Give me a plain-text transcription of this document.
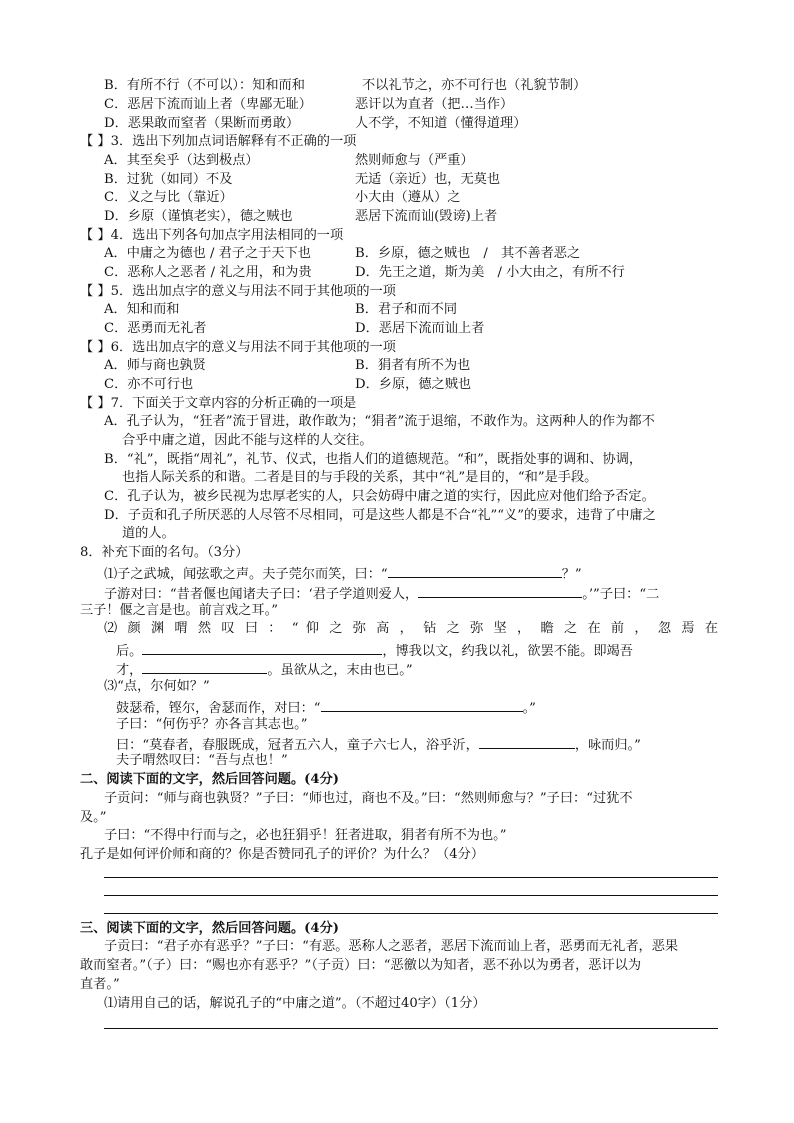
B．有所不行（不可以）：知和而和	不以礼节之，亦不可行也（礼貌节制）
C．恶居下流而讪上者（卑鄙无耻）	恶讦以为直者（把…当作）
D．恶果敢而窒者（果断而勇敢）	人不学，不知道（懂得道理）
【 】3．选出下列加点词语解释有不正确的一项
A．其至矣乎（达到极点）	然则师愈与（严重）
B．过犹（如同）不及	无适（亲近）也，无莫也
C．义之与比（靠近）	小大由（遵从）之
D．乡原（谨慎老实），德之贼也	恶居下流而讪(毁谤)上者
【 】4．选出下列各句加点字用法相同的一项
A．中庸之为德也 / 君子之于天下也	B．乡原，德之贼也　/　其不善者恶之
C．恶称人之恶者 / 礼之用，和为贵	D．先王之道，斯为美　/ 小大由之，有所不行
【 】5．选出加点字的意义与用法不同于其他项的一项
A．知和而和	B．君子和而不同
C．恶勇而无礼者	D．恶居下流而讪上者
【 】6．选出加点字的意义与用法不同于其他项的一项
A．师与商也孰贤	B．狷者有所不为也
C．亦不可行也	D．乡原，德之贼也
【 】7．下面关于文章内容的分析正确的一项是
A．孔子认为，“狂者”流于冒进，敢作敢为；“狷者”流于退缩，不敢作为。这两种人的作为都不
合乎中庸之道，因此不能与这样的人交往。
B．“礼”，既指“周礼”，礼节、仪式，也指人们的道德规范。“和”，既指处事的调和、协调，
也指人际关系的和谐。二者是目的与手段的关系，其中“礼”是目的，“和”是手段。
C．孔子认为，被乡民视为忠厚老实的人，只会妨碍中庸之道的实行，因此应对他们给予否定。
D．子贡和孔子所厌恶的人尽管不尽相同，可是这些人都是不合“礼”“义”的要求，违背了中庸之
道的人。
8．补充下面的名句。（3分）
⑴子之武城，闻弦歌之声。夫子莞尔而笑，曰：“	？”
子游对曰：“昔者偃也闻诸夫子曰：‘君子学道则爱人，	。’”子曰：“二
三子！偃之言是也。前言戏之耳。”
⑵ 颜 渊 喟 然 叹 曰 ： “ 仰 之 弥 高 ， 钻 之 弥 坚 ， 瞻 之 在 前 ， 忽 焉 在
后。	，博我以文，约我以礼，欲罢不能。即竭吾
才，	。虽欲从之，末由也已。”
⑶“点，尔何如？”
鼓瑟希，铿尔，舍瑟而作，对曰：“	。”
子曰：“何伤乎？亦各言其志也。”
曰：“莫春者，春服既成，冠者五六人，童子六七人，浴乎沂，	，咏而归。”
夫子喟然叹曰：“吾与点也！”
二、阅读下面的文字，然后回答问题。(4分)
子贡问：“师与商也孰贤？”子曰：“师也过，商也不及。”曰：“然则师愈与？”子曰：“过犹不
及。”
子曰：“不得中行而与之，必也狂狷乎！狂者进取，狷者有所不为也。”
孔子是如何评价师和商的？你是否赞同孔子的评价？为什么？（4分）
三、阅读下面的文字，然后回答问题。(4分)
子贡曰：“君子亦有恶乎？”子曰：“有恶。恶称人之恶者，恶居下流而讪上者，恶勇而无礼者，恶果
敢而窒者。”（子）曰：“赐也亦有恶乎？”（子贡）曰：“恶徼以为知者，恶不孙以为勇者，恶讦以为
直者。”
⑴请用自己的话，解说孔子的“中庸之道”。（不超过40字）（1分）
